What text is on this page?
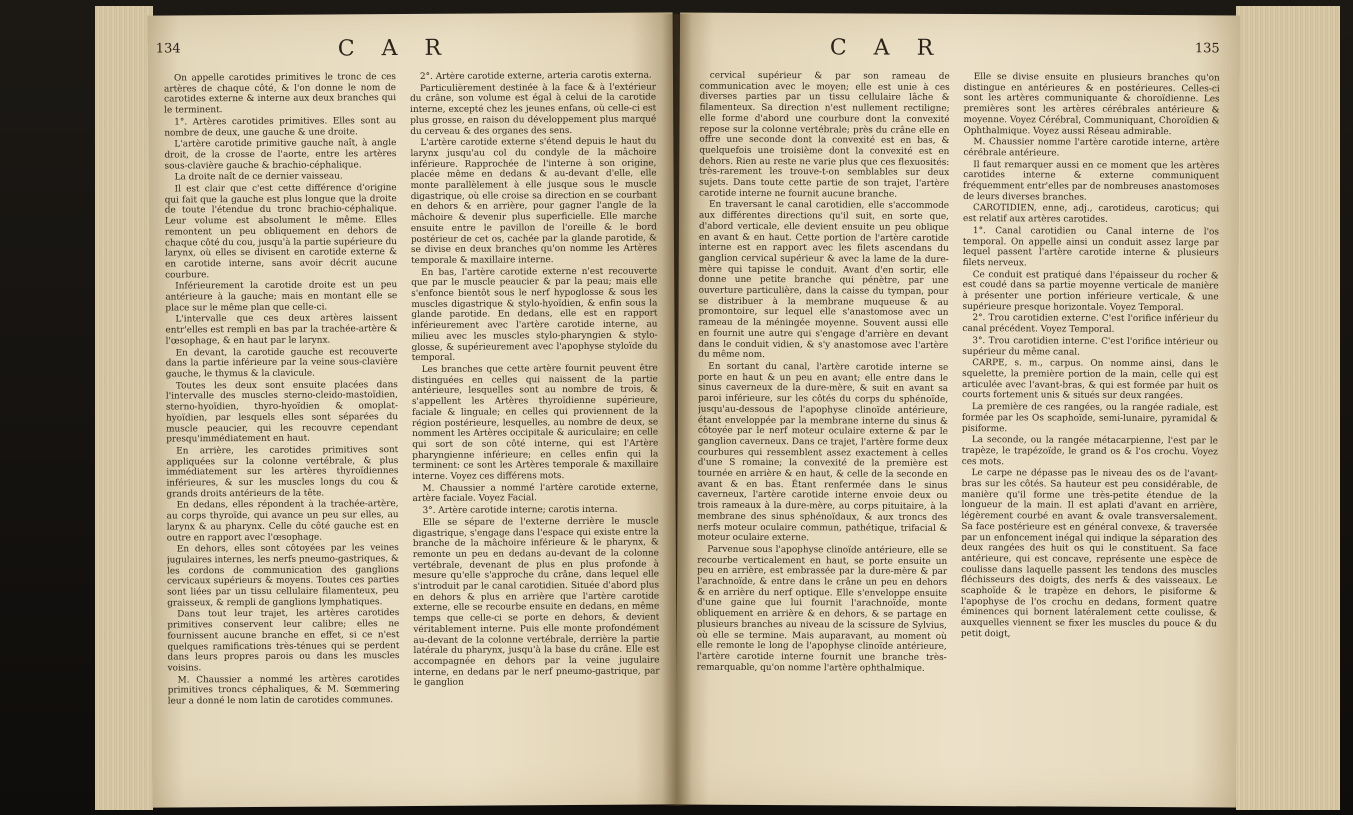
134	C A R

On appelle carotides primitives le tronc de ces artères de chaque côté, & l'on donne le nom de carotides externe & interne aux deux branches qui le terminent.

1°. Artères carotides primitives. Elles sont au nombre de deux, une gauche & une droite.

L'artère carotide primitive gauche naît, à angle droit, de la crosse de l'aorte, entre les artères sous-clavière gauche & brachio-céphalique.

La droite naît de ce dernier vaisseau.

Il est clair que c'est cette différence d'origine qui fait que la gauche est plus longue que la droite de toute l'étendue du tronc brachio-céphalique. Leur volume est absolument le même. Elles remontent un peu obliquement en dehors de chaque côté du cou, jusqu'à la partie supérieure du larynx, où elles se divisent en carotide externe & en carotide interne, sans avoir décrit aucune courbure.

Inférieurement la carotide droite est un peu antérieure à la gauche; mais en montant elle se place sur le même plan que celle-ci.

L'intervalle que ces deux artères laissent entr'elles est rempli en bas par la trachée-artère & l'œsophage, & en haut par le larynx.

En devant, la carotide gauche est recouverte dans la partie inférieure par la veine sous-clavière gauche, le thymus & la clavicule.

Toutes les deux sont ensuite placées dans l'intervalle des muscles sterno-cleido-mastoïdien, sterno-hyoïdien, thyro-hyoïdien & omoplat-hyoïdien, par lesquels elles sont séparées du muscle peaucier, qui les recouvre cependant presqu'immédiatement en haut.

En arrière, les carotides primitives sont appliquées sur la colonne vertébrale, & plus immédiatement sur les artères thyroïdiennes inférieures, & sur les muscles longs du cou & grands droits antérieurs de la tête.

En dedans, elles répondent à la trachée-artère, au corps thyroïde, qui avance un peu sur elles, au larynx & au pharynx. Celle du côté gauche est en outre en rapport avec l'œsophage.

En dehors, elles sont côtoyées par les veines jugulaires internes, les nerfs pneumo-gastriques, & les cordons de communication des ganglions cervicaux supérieurs & moyens. Toutes ces parties sont liées par un tissu cellulaire filamenteux, peu graisseux, & rempli de ganglions lymphatiques.

Dans tout leur trajet, les artères carotides primitives conservent leur calibre; elles ne fournissent aucune branche en effet, si ce n'est quelques ramifications très-ténues qui se perdent dans leurs propres parois ou dans les muscles voisins.

M. Chaussier a nommé les artères carotides primitives troncs céphaliques, & M. Sœmmering leur a donné le nom latin de carotides communes.

2°. Artère carotide externe, arteria carotis externa.

Particulièrement destinée à la face & à l'extérieur du crâne, son volume est égal à celui de la carotide interne, excepté chez les jeunes enfans, où celle-ci est plus grosse, en raison du développement plus marqué du cerveau & des organes des sens.

L'artère carotide externe s'étend depuis le haut du larynx jusqu'au col du condyle de la mâchoire inférieure. Rapprochée de l'interne à son origine, placée même en dedans & au-devant d'elle, elle monte parallèlement à elle jusque sous le muscle digastrique, où elle croise sa direction en se courbant en dehors & en arrière, pour gagner l'angle de la mâchoire & devenir plus superficielle. Elle marche ensuite entre le pavillon de l'oreille & le bord postérieur de cet os, cachée par la glande parotide, & se divise en deux branches qu'on nomme les Artères temporale & maxillaire interne.

En bas, l'artère carotide externe n'est recouverte que par le muscle peaucier & par la peau; mais elle s'enfonce bientôt sous le nerf hypoglosse & sous les muscles digastrique & stylo-hyoïdien, & enfin sous la glande parotide. En dedans, elle est en rapport inférieurement avec l'artère carotide interne, au milieu avec les muscles stylo-pharyngien & stylo-glosse, & supérieurement avec l'apophyse styloïde du temporal.

Les branches que cette artère fournit peuvent être distinguées en celles qui naissent de la partie antérieure, lesquelles sont au nombre de trois, & s'appellent les Artères thyroïdienne supérieure, faciale & linguale; en celles qui proviennent de la région postérieure, lesquelles, au nombre de deux, se nomment les Artères occipitale & auriculaire; en celle qui sort de son côté interne, qui est l'Artère pharyngienne inférieure; en celles enfin qui la terminent: ce sont les Artères temporale & maxillaire interne. Voyez ces différens mots.

M. Chaussier a nommé l'artère carotide externe, artère faciale. Voyez Facial.

3°. Artère carotide interne; carotis interna.

Elle se sépare de l'externe derrière le muscle digastrique, s'engage dans l'espace qui existe entre la branche de la mâchoire inférieure & le pharynx, & remonte un peu en dedans au-devant de la colonne vertébrale, devenant de plus en plus profonde à mesure qu'elle s'approche du crâne, dans lequel elle s'introduit par le canal carotidien. Située d'abord plus en dehors & plus en arrière que l'artère carotide externe, elle se recourbe ensuite en dedans, en même temps que celle-ci se porte en dehors, & devient véritablement interne. Puis elle monte profondément au-devant de la colonne vertébrale, derrière la partie latérale du pharynx, jusqu'à la base du crâne. Elle est accompagnée en dehors par la veine jugulaire interne, en dedans par le nerf pneumo-gastrique, par le ganglion

C A R	135

cervical supérieur & par son rameau de communication avec le moyen; elle est unie à ces diverses parties par un tissu cellulaire lâche & filamenteux. Sa direction n'est nullement rectiligne; elle forme d'abord une courbure dont la convexité repose sur la colonne vertébrale; près du crâne elle en offre une seconde dont la convexité est en bas, & quelquefois une troisième dont la convexité est en dehors. Rien au reste ne varie plus que ces flexuosités: très-rarement les trouve-t-on semblables sur deux sujets. Dans toute cette partie de son trajet, l'artère carotide interne ne fournit aucune branche.

En traversant le canal carotidien, elle s'accommode aux différentes directions qu'il suit, en sorte que, d'abord verticale, elle devient ensuite un peu oblique en avant & en haut. Cette portion de l'artère carotide interne est en rapport avec les filets ascendans du ganglion cervical supérieur & avec la lame de la dure-mère qui tapisse le conduit. Avant d'en sortir, elle donne une petite branche qui pénètre, par une ouverture particulière, dans la caisse du tympan, pour se distribuer à la membrane muqueuse & au promontoire, sur lequel elle s'anastomose avec un rameau de la méningée moyenne. Souvent aussi elle en fournit une autre qui s'engage d'arrière en devant dans le conduit vidien, & s'y anastomose avec l'artère du même nom.

En sortant du canal, l'artère carotide interne se porte en haut & un peu en avant; elle entre dans le sinus caverneux de la dure-mère, & suit en avant sa paroi inférieure, sur les côtés du corps du sphénoïde, jusqu'au-dessous de l'apophyse clinoïde antérieure, étant enveloppée par la membrane interne du sinus & côtoyée par le nerf moteur oculaire externe & par le ganglion caverneux. Dans ce trajet, l'artère forme deux courbures qui ressemblent assez exactement à celles d'une S romaine; la convexité de la première est tournée en arrière & en haut, & celle de la seconde en avant & en bas. Étant renfermée dans le sinus caverneux, l'artère carotide interne envoie deux ou trois rameaux à la dure-mère, au corps pituitaire, à la membrane des sinus sphénoïdaux, & aux troncs des nerfs moteur oculaire commun, pathétique, trifacial & moteur oculaire externe.

Parvenue sous l'apophyse clinoïde antérieure, elle se recourbe verticalement en haut, se porte ensuite un peu en arrière, est embrassée par la dure-mère & par l'arachnoïde, & entre dans le crâne un peu en dehors & en arrière du nerf optique. Elle s'enveloppe ensuite d'une gaine que lui fournit l'arachnoïde, monte obliquement en arrière & en dehors, & se partage en plusieurs branches au niveau de la scissure de Sylvius, où elle se termine. Mais auparavant, au moment où elle remonte le long de l'apophyse clinoïde antérieure, l'artère carotide interne fournit une branche très-remarquable, qu'on nomme l'artère ophthalmique.

Elle se divise ensuite en plusieurs branches qu'on distingue en antérieures & en postérieures. Celles-ci sont les artères communiquante & choroïdienne. Les premières sont les artères cérébrales antérieure & moyenne. Voyez Cérébral, Communiquant, Choroïdien & Ophthalmique. Voyez aussi Réseau admirable.

M. Chaussier nomme l'artère carotide interne, artère cérébrale antérieure.

Il faut remarquer aussi en ce moment que les artères carotides interne & externe communiquent fréquemment entr'elles par de nombreuses anastomoses de leurs diverses branches.

CAROTIDIEN, enne, adj., carotideus, caroticus; qui est relatif aux artères carotides.

1°. Canal carotidien ou Canal interne de l'os temporal. On appelle ainsi un conduit assez large par lequel passent l'artère carotide interne & plusieurs filets nerveux.

Ce conduit est pratiqué dans l'épaisseur du rocher & est coudé dans sa partie moyenne verticale de manière à présenter une portion inférieure verticale, & une supérieure presque horizontale. Voyez Temporal.

2°. Trou carotidien externe. C'est l'orifice inférieur du canal précédent. Voyez Temporal.

3°. Trou carotidien interne. C'est l'orifice intérieur ou supérieur du même canal.

CARPE, s. m., carpus. On nomme ainsi, dans le squelette, la première portion de la main, celle qui est articulée avec l'avant-bras, & qui est formée par huit os courts fortement unis & situés sur deux rangées.

La première de ces rangées, ou la rangée radiale, est formée par les Os scaphoïde, semi-lunaire, pyramidal & pisiforme.

La seconde, ou la rangée métacarpienne, l'est par le trapèze, le trapézoïde, le grand os & l'os crochu. Voyez ces mots.

Le carpe ne dépasse pas le niveau des os de l'avant-bras sur les côtés. Sa hauteur est peu considérable, de manière qu'il forme une très-petite étendue de la longueur de la main. Il est aplati d'avant en arrière, légèrement courbé en avant & ovale transversalement. Sa face postérieure est en général convexe, & traversée par un enfoncement inégal qui indique la séparation des deux rangées des huit os qui le constituent. Sa face antérieure, qui est concave, représente une espèce de coulisse dans laquelle passent les tendons des muscles fléchisseurs des doigts, des nerfs & des vaisseaux. Le scaphoïde & le trapèze en dehors, le pisiforme & l'apophyse de l'os crochu en dedans, forment quatre éminences qui bornent latéralement cette coulisse, & auxquelles viennent se fixer les muscles du pouce & du petit doigt,
